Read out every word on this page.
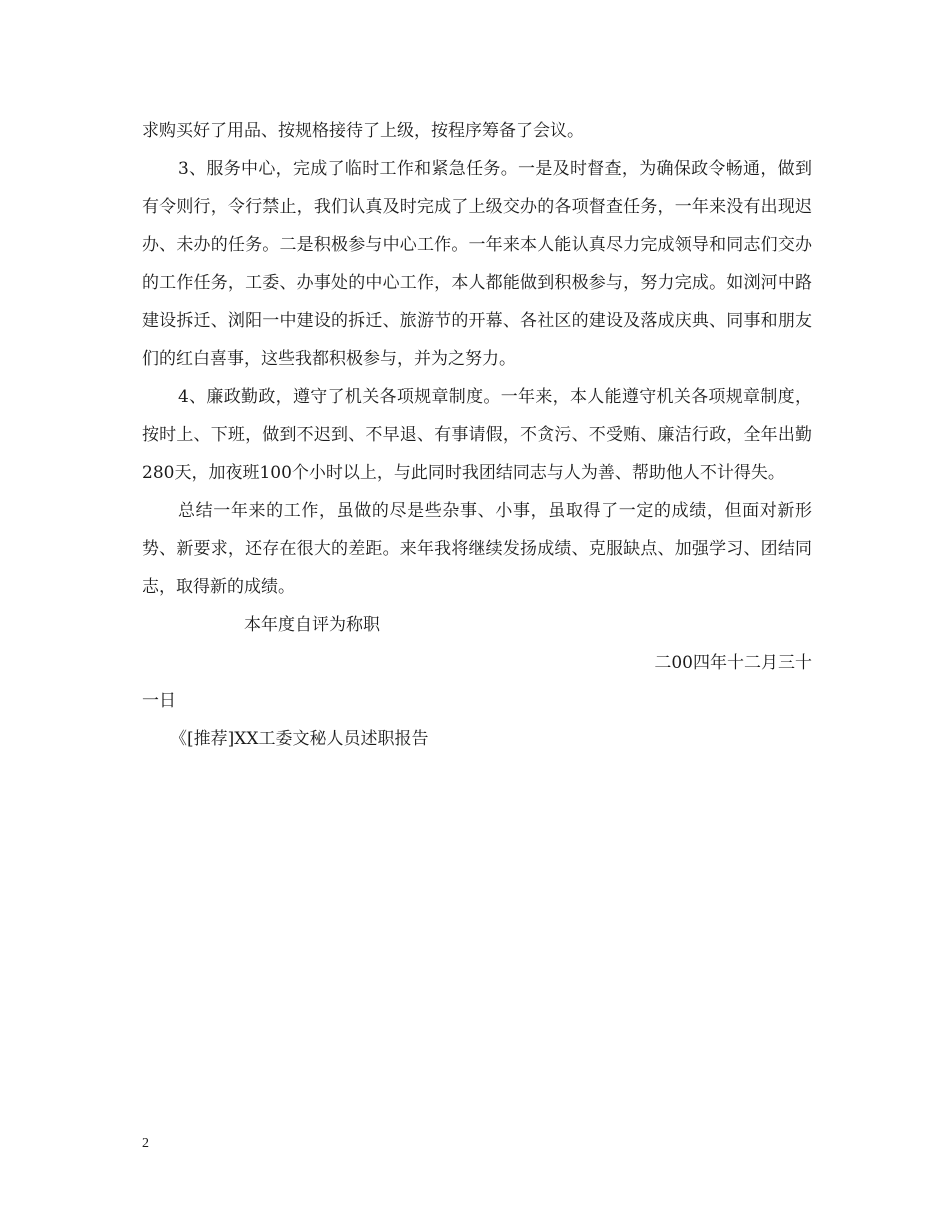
求购买好了用品、按规格接待了上级，按程序筹备了会议。

3、服务中心，完成了临时工作和紧急任务。一是及时督查，为确保政令畅通，做到有令则行，令行禁止，我们认真及时完成了上级交办的各项督查任务，一年来没有出现迟办、未办的任务。二是积极参与中心工作。一年来本人能认真尽力完成领导和同志们交办的工作任务，工委、办事处的中心工作，本人都能做到积极参与，努力完成。如浏河中路建设拆迁、浏阳一中建设的拆迁、旅游节的开幕、各社区的建设及落成庆典、同事和朋友们的红白喜事，这些我都积极参与，并为之努力。

4、廉政勤政，遵守了机关各项规章制度。一年来，本人能遵守机关各项规章制度，按时上、下班，做到不迟到、不早退、有事请假，不贪污、不受贿、廉洁行政，全年出勤280天，加夜班100个小时以上，与此同时我团结同志与人为善、帮助他人不计得失。

总结一年来的工作，虽做的尽是些杂事、小事，虽取得了一定的成绩，但面对新形势、新要求，还存在很大的差距。来年我将继续发扬成绩、克服缺点、加强学习、团结同志，取得新的成绩。

本年度自评为称职

二00四年十二月三十

一日

《[推荐]XX工委文秘人员述职报告

2
